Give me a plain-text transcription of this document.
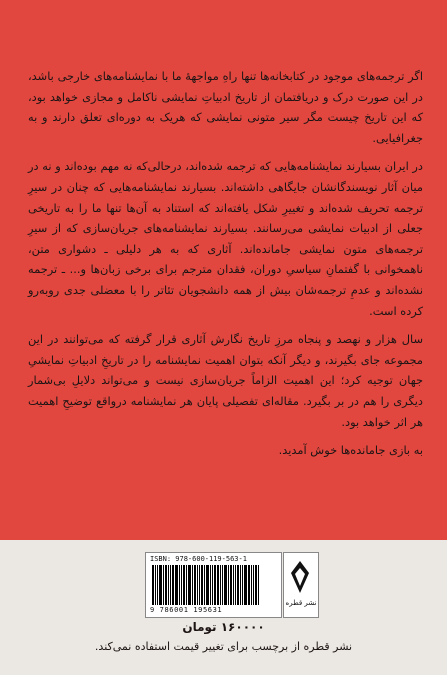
اگر ترجمه‌های موجود در کتابخانه‌ها تنها راهِ مواجههٔ ما با نمایشنامه‌های خارجی باشد، در این صورت درک و دریافتمان از تاریخ ادبیاتِ نمایشی ناکامل و مجازی خواهد بود، که این تاریخ چیست مگر سیر متونی نمایشی که هریک به دوره‌ای تعلق دارند و به جغرافیایی.

در ایران بسیارند نمایشنامه‌هایی که ترجمه شده‌اند، درحالی‌که نه مهم بوده‌اند و نه در میان آثار نویسندگانشان جایگاهی داشته‌اند. بسیارند نمایشنامه‌هایی که چنان در سیرِ ترجمه تحریف شده‌اند و تغییرِ شکل یافته‌اند که استناد به آن‌ها تنها ما را به تاریخی جعلی از ادبیات نمایشی می‌رسانند. بسیارند نمایشنامه‌های جریان‌سازی که از سیرِ ترجمه‌های متون نمایشی جامانده‌اند. آثاری که به هر دلیلی ـ دشواری متن، ناهمخوانی با گفتمانِ سیاسیِ دوران، فقدان مترجم برای برخی زبان‌ها و... ـ ترجمه نشده‌اند و عدمِ ترجمه‌شان بیش از همه دانشجویان تئاتر را با معضلی جدی روبه‌رو کرده است.

سال هزار و نهصد و پنجاه مرزِ تاریخ نگارش آثاری قرار گرفته که می‌توانند در این مجموعه جای بگیرند، و دیگر آنکه بتوان اهمیت نمایشنامه را در تاریخِ ادبیاتِ نمایشیِ جهان توجیه کرد؛ این اهمیت الزاماً جریان‌سازی نیست و می‌تواند دلایلِ بی‌شمار دیگری را هم در بر بگیرد. مقاله‌ای تفصیلی پایان هر نمایشنامه درواقع توضیحِ اهمیت هر اثر خواهد بود.

به بازی جامانده‌ها خوش آمدید.

ISBN: 978-600-119-563-1
9 786001 195631
نشر قطره
۱۶۰۰۰۰ تومان
نشر قطره از برچسب برای تغییر قیمت استفاده نمی‌کند.
